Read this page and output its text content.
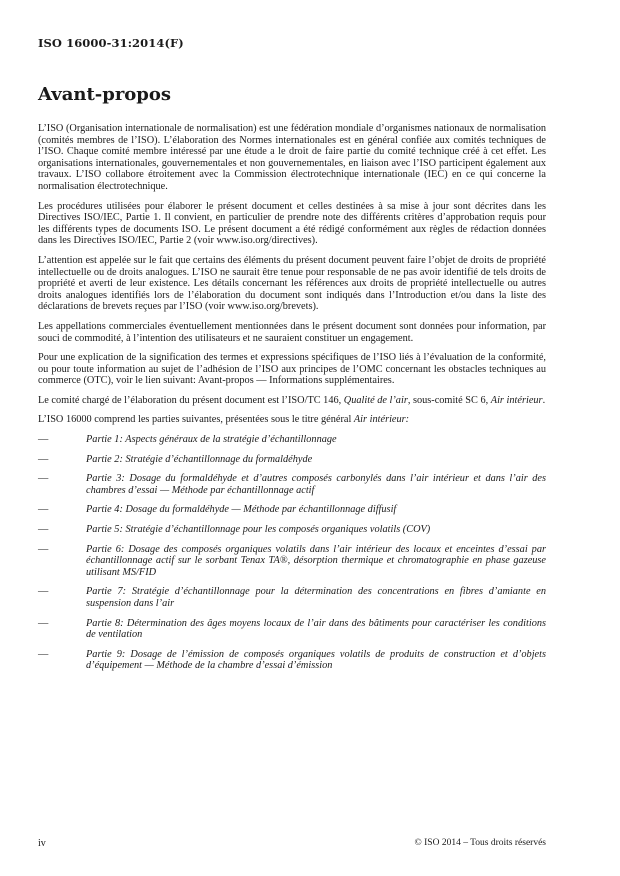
ISO 16000-31:2014(F)
Avant-propos

L’ISO (Organisation internationale de normalisation) est une fédération mondiale d’organismes nationaux de normalisation (comités membres de l’ISO). L’élaboration des Normes internationales est en général confiée aux comités techniques de l’ISO. Chaque comité membre intéressé par une étude a le droit de faire partie du comité technique créé à cet effet. Les organisations internationales, gouvernementales et non gouvernementales, en liaison avec l’ISO participent également aux travaux. L’ISO collabore étroitement avec la Commission électrotechnique internationale (IEC) en ce qui concerne la normalisation électrotechnique.

Les procédures utilisées pour élaborer le présent document et celles destinées à sa mise à jour sont décrites dans les Directives ISO/IEC, Partie 1. Il convient, en particulier de prendre note des différents critères d’approbation requis pour les différents types de documents ISO. Le présent document a été rédigé conformément aux règles de rédaction données dans les Directives ISO/IEC, Partie 2 (voir www.iso.org/directives).

L’attention est appelée sur le fait que certains des éléments du présent document peuvent faire l’objet de droits de propriété intellectuelle ou de droits analogues. L’ISO ne saurait être tenue pour responsable de ne pas avoir identifié de tels droits de propriété et averti de leur existence. Les détails concernant les références aux droits de propriété intellectuelle ou autres droits analogues identifiés lors de l’élaboration du document sont indiqués dans l’Introduction et/ou dans la liste des déclarations de brevets reçues par l’ISO (voir www.iso.org/brevets).

Les appellations commerciales éventuellement mentionnées dans le présent document sont données pour information, par souci de commodité, à l’intention des utilisateurs et ne sauraient constituer un engagement.

Pour une explication de la signification des termes et expressions spécifiques de l’ISO liés à l’évaluation de la conformité, ou pour toute information au sujet de l’adhésion de l’ISO aux principes de l’OMC concernant les obstacles techniques au commerce (OTC), voir le lien suivant: Avant-propos — Informations supplémentaires.

Le comité chargé de l’élaboration du présent document est l’ISO/TC 146, Qualité de l’air, sous-comité SC 6, Air intérieur.

L’ISO 16000 comprend les parties suivantes, présentées sous le titre général Air intérieur:

—	Partie 1: Aspects généraux de la stratégie d’échantillonnage
—	Partie 2: Stratégie d’échantillonnage du formaldéhyde
—	Partie 3: Dosage du formaldéhyde et d’autres composés carbonylés dans l’air intérieur et dans l’air des chambres d’essai — Méthode par échantillonnage actif
—	Partie 4: Dosage du formaldéhyde — Méthode par échantillonnage diffusif
—	Partie 5: Stratégie d’échantillonnage pour les composés organiques volatils (COV)
—	Partie 6: Dosage des composés organiques volatils dans l’air intérieur des locaux et enceintes d’essai par échantillonnage actif sur le sorbant Tenax TA®, désorption thermique et chromatographie en phase gazeuse utilisant MS/FID
—	Partie 7: Stratégie d’échantillonnage pour la détermination des concentrations en fibres d’amiante en suspension dans l’air
—	Partie 8: Détermination des âges moyens locaux de l’air dans des bâtiments pour caractériser les conditions de ventilation
—	Partie 9: Dosage de l’émission de composés organiques volatils de produits de construction et d’objets d’équipement — Méthode de la chambre d’essai d’émission
iv	© ISO 2014 – Tous droits réservés
